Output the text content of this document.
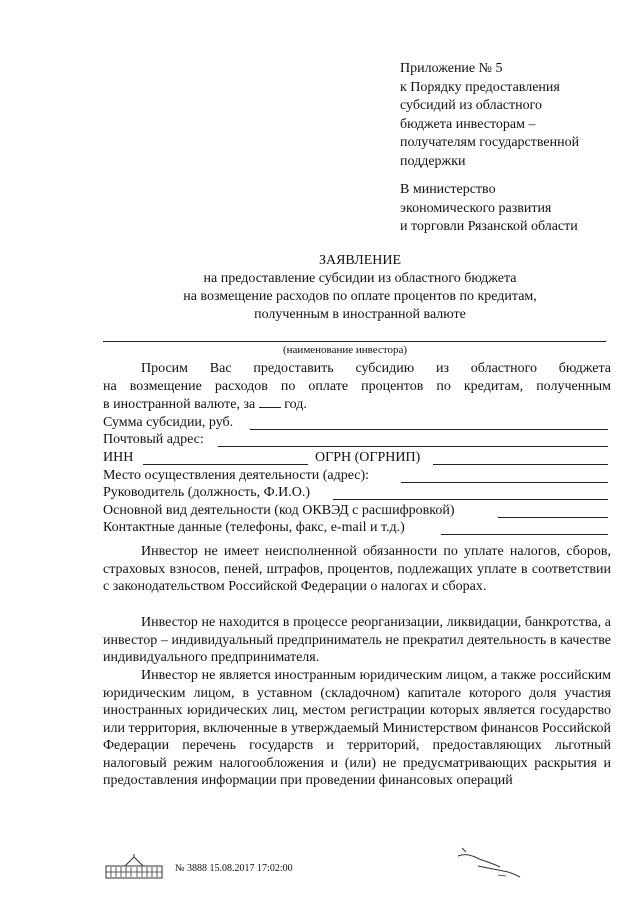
Приложение № 5
к Порядку предоставления
субсидий из областного
бюджета инвесторам –
получателям государственной
поддержки
В министерство
экономического развития
и торговли Рязанской области
ЗАЯВЛЕНИЕ
на предоставление субсидии из областного бюджета
на возмещение расходов по оплате процентов по кредитам,
полученным в иностранной валюте
(наименование инвестора)
Просим Вас предоставить субсидию из областного бюджета
на возмещение расходов по оплате процентов по кредитам, полученным
в иностранной валюте, за  год.
Сумма субсидии, руб.
Почтовый адрес:
ИНН	ОГРН (ОГРНИП)
Место осуществления деятельности (адрес):
Руководитель (должность, Ф.И.О.)
Основной вид деятельности (код ОКВЭД с расшифровкой)
Контактные данные (телефоны, факс, e-mail и т.д.)
Инвестор не имеет неисполненной обязанности по уплате налогов, сборов, страховых взносов, пеней, штрафов, процентов, подлежащих уплате в соответствии с законодательством Российской Федерации о налогах и сборах.
Инвестор не находится в процессе реорганизации, ликвидации, банкротства, а инвестор – индивидуальный предприниматель не прекратил деятельность в качестве индивидуального предпринимателя.
Инвестор не является иностранным юридическим лицом, а также российским юридическим лицом, в уставном (складочном) капитале которого доля участия иностранных юридических лиц, местом регистрации которых является государство или территория, включенные в утверждаемый Министерством финансов Российской Федерации перечень государств и территорий, предоставляющих льготный налоговый режим налогообложения и (или) не предусматривающих раскрытия и предоставления информации при проведении финансовых операций
№ 3888 15.08.2017 17:02:00
